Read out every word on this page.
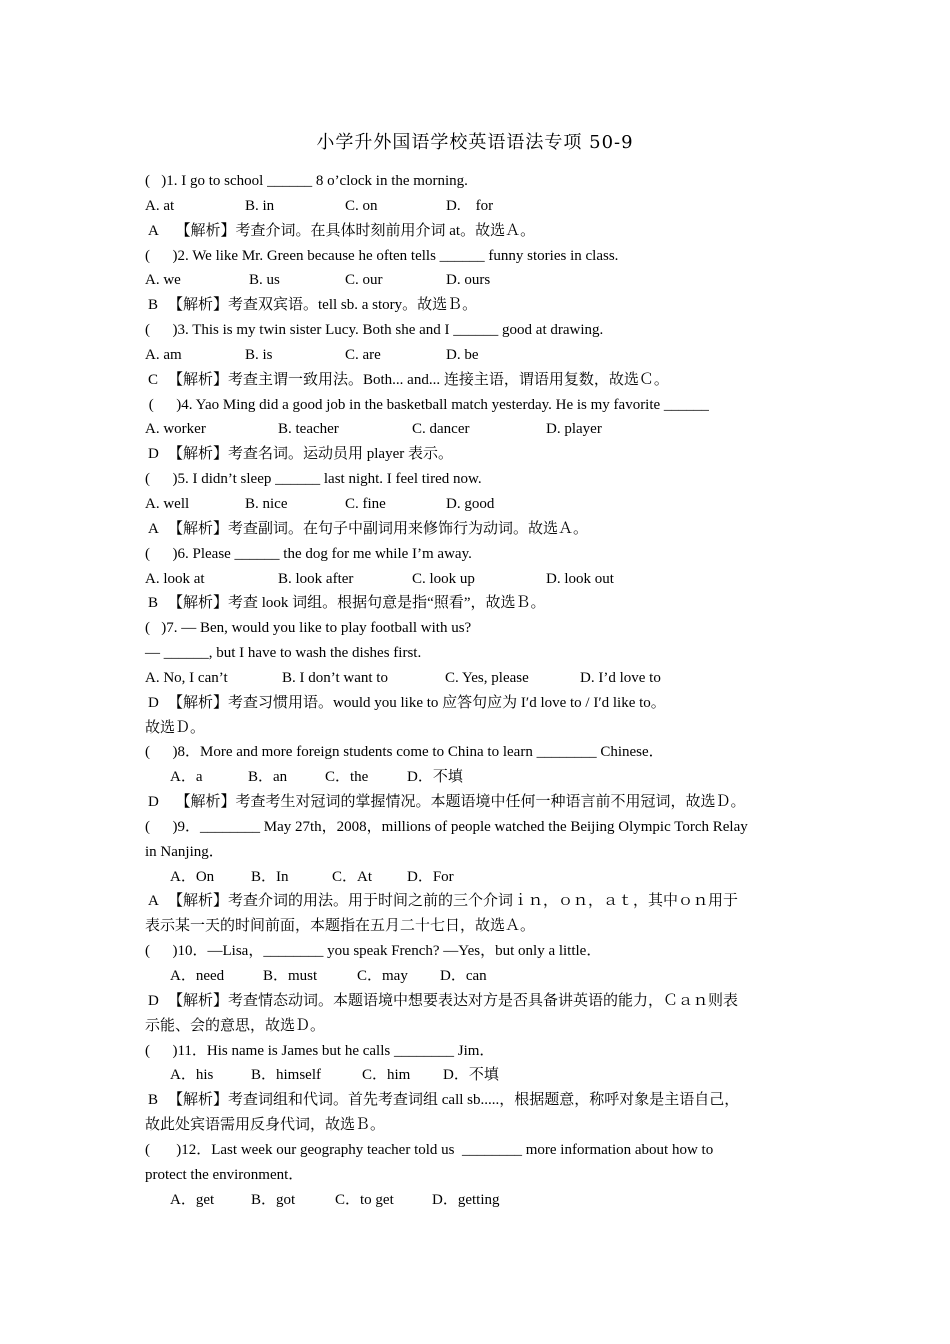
小学升外国语学校英语语法专项 50-9
(   )1. I go to school ______ 8 o’clock in the morning.
A. at	B. in	C. on	D.    for
A  【解析】考查介词。在具体时刻前用介词 at。故选Ａ。
(      )2. We like Mr. Green because he often tells ______ funny stories in class.
A. we	B. us	C. our	D. ours
B 【解析】考查双宾语。tell sb. a story。故选Ｂ。
(      )3. This is my twin sister Lucy. Both she and I ______ good at drawing.
A. am	B. is	C. are	D. be
C 【解析】考查主谓一致用法。Both... and... 连接主语，谓语用复数，故选Ｃ。
(      )4. Yao Ming did a good job in the basketball match yesterday. He is my favorite ______
A. worker	B. teacher	C. dancer	D. player
D 【解析】考查名词。运动员用 player 表示。
(      )5. I didn’t sleep ______ last night. I feel tired now.
A. well	B. nice	C. fine	D. good
A 【解析】考查副词。在句子中副词用来修饰行为动词。故选Ａ。
(      )6. Please ______ the dog for me while I’m away.
A. look at	B. look after	C. look up	D. look out
B 【解析】考查 look 词组。根据句意是指“照看”，故选Ｂ。
(   )7. — Ben, would you like to play football with us?
— ______, but I have to wash the dishes first.
A. No, I can’t	B. I don’t want to	C. Yes, please	D. I’d love to
D 【解析】考查习惯用语。would you like to 应答句应为 I′d love to / I′d like to。
故选Ｄ。
(      )8．More and more foreign students come to China to learn ________ Chinese．
A．a	B．an	C．the	D．不填
D  【解析】考查考生对冠词的掌握情况。本题语境中任何一种语言前不用冠词，故选Ｄ。
(      )9．________ May 27th，2008，millions of people watched the Beijing Olympic Torch Relay
in Nanjing．
A．On B．In	C．At D．For
A 【解析】考查介词的用法。用于时间之前的三个介词ｉｎ，ｏｎ，ａｔ，其中ｏｎ用于
表示某一天的时间前面，本题指在五月二十七日，故选Ａ。
(      )10．—Lisa，________ you speak French? —Yes，but only a little．
A．need	B．must	C．may D．can
D 【解析】考查情态动词。本题语境中想要表达对方是否具备讲英语的能力，Ｃａｎ则表
示能、会的意思，故选Ｄ。
(      )11．His name is James but he calls ________ Jim．
A．his	B．himself	C．him D．不填
B 【解析】考查词组和代词。首先考查词组 call sb.....，根据题意，称呼对象是主语自己，
故此处宾语需用反身代词，故选Ｂ。
(       )12．Last week our geography teacher told us  ________ more information about how to
protect the environment．
A．get B．got	C．to get	D．getting
